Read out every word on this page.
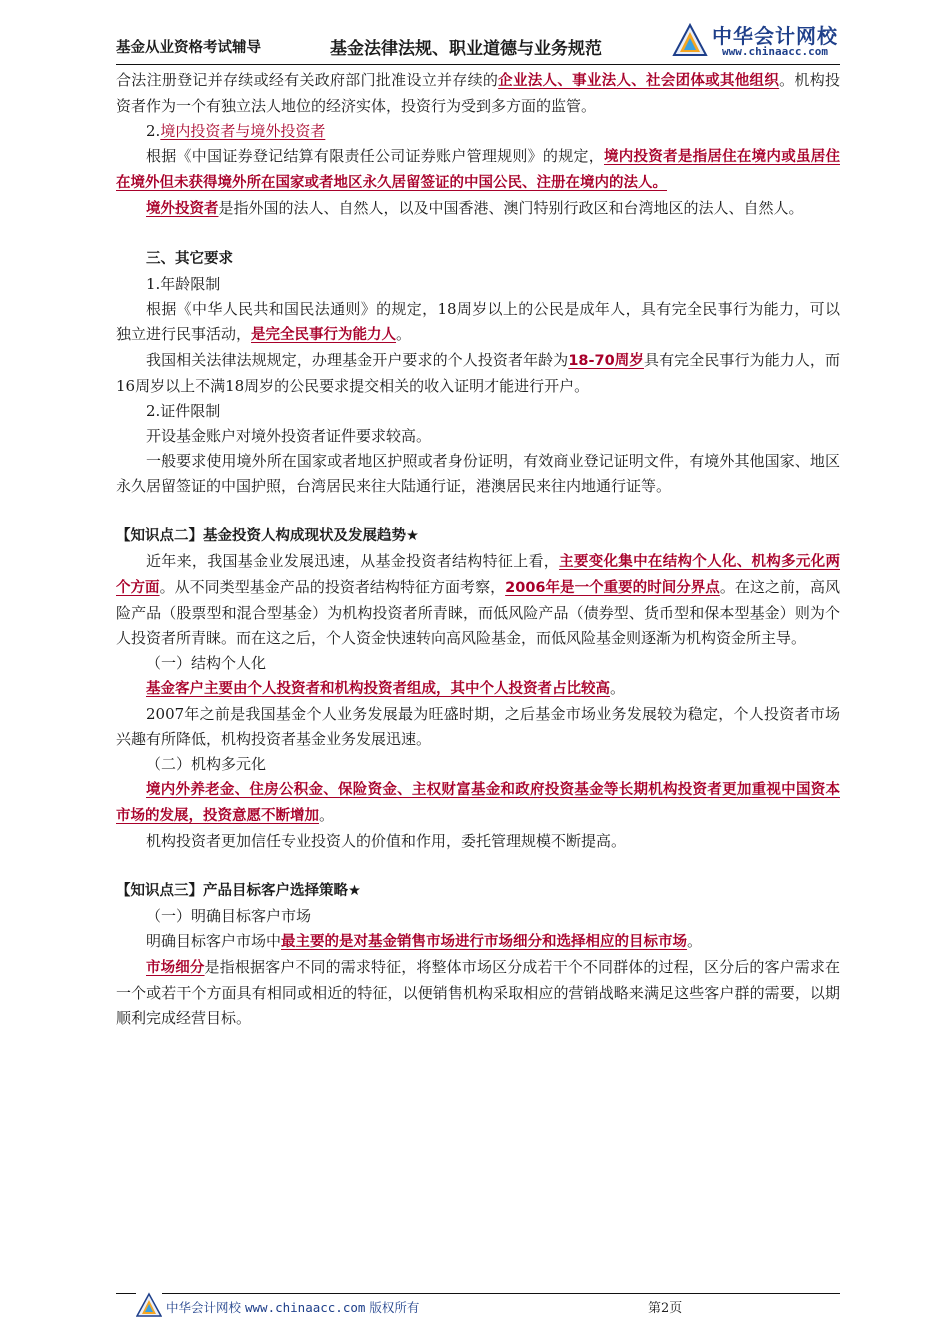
基金从业资格考试辅导	基金法律法规、职业道德与业务规范
中华会计网校
www.chinaacc.com

合法注册登记并存续或经有关政府部门批准设立并存续的企业法人、事业法人、社会团体或其他组织。机构投资者作为一个有独立法人地位的经济实体，投资行为受到多方面的监管。

2.境内投资者与境外投资者

根据《中国证券登记结算有限责任公司证券账户管理规则》的规定，境内投资者是指居住在境内或虽居住在境外但未获得境外所在国家或者地区永久居留签证的中国公民、注册在境内的法人。

境外投资者是指外国的法人、自然人，以及中国香港、澳门特别行政区和台湾地区的法人、自然人。

三、其它要求

1.年龄限制

根据《中华人民共和国民法通则》的规定，18周岁以上的公民是成年人，具有完全民事行为能力，可以独立进行民事活动，是完全民事行为能力人。

我国相关法律法规规定，办理基金开户要求的个人投资者年龄为18-70周岁具有完全民事行为能力人，而16周岁以上不满18周岁的公民要求提交相关的收入证明才能进行开户。

2.证件限制

开设基金账户对境外投资者证件要求较高。

一般要求使用境外所在国家或者地区护照或者身份证明，有效商业登记证明文件，有境外其他国家、地区永久居留签证的中国护照，台湾居民来往大陆通行证，港澳居民来往内地通行证等。

【知识点二】基金投资人构成现状及发展趋势★

近年来，我国基金业发展迅速，从基金投资者结构特征上看，主要变化集中在结构个人化、机构多元化两个方面。从不同类型基金产品的投资者结构特征方面考察，2006年是一个重要的时间分界点。在这之前，高风险产品（股票型和混合型基金）为机构投资者所青睐，而低风险产品（债券型、货币型和保本型基金）则为个人投资者所青睐。而在这之后，个人资金快速转向高风险基金，而低风险基金则逐渐为机构资金所主导。

（一）结构个人化

基金客户主要由个人投资者和机构投资者组成，其中个人投资者占比较高。

2007年之前是我国基金个人业务发展最为旺盛时期，之后基金市场业务发展较为稳定，个人投资者市场兴趣有所降低，机构投资者基金业务发展迅速。

（二）机构多元化

境内外养老金、住房公积金、保险资金、主权财富基金和政府投资基金等长期机构投资者更加重视中国资本市场的发展，投资意愿不断增加。

机构投资者更加信任专业投资人的价值和作用，委托管理规模不断提高。

【知识点三】产品目标客户选择策略★

（一）明确目标客户市场

明确目标客户市场中最主要的是对基金销售市场进行市场细分和选择相应的目标市场。

市场细分是指根据客户不同的需求特征，将整体市场区分成若干个不同群体的过程，区分后的客户需求在一个或若干个方面具有相同或相近的特征，以便销售机构采取相应的营销战略来满足这些客户群的需要，以期顺利完成经营目标。

中华会计网校 www.chinaacc.com 版权所有	第2页
